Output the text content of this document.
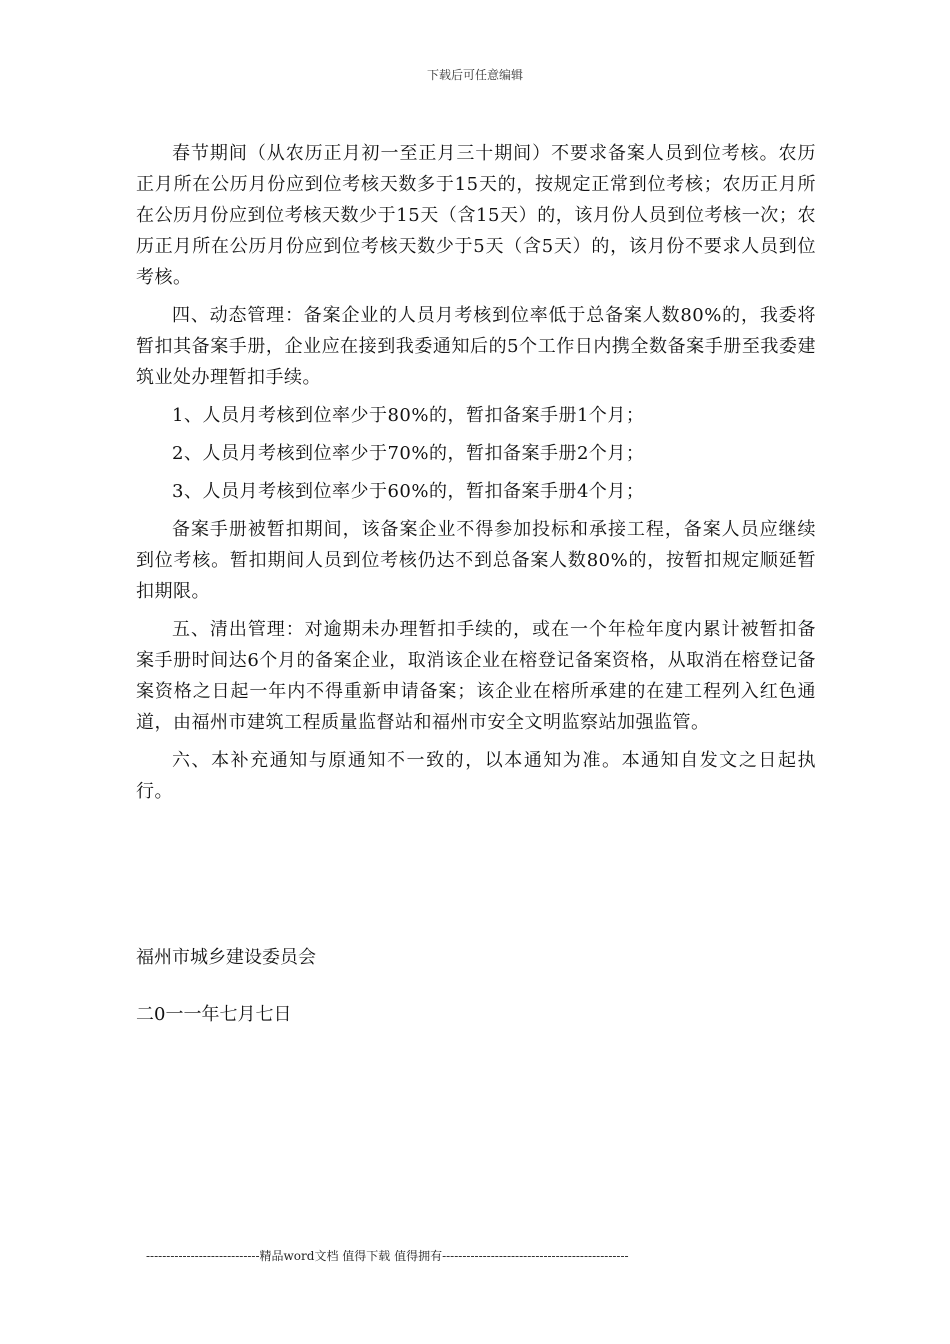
下载后可任意编辑

春节期间（从农历正月初一至正月三十期间）不要求备案人员到位考核。农历正月所在公历月份应到位考核天数多于15天的，按规定正常到位考核；农历正月所在公历月份应到位考核天数少于15天（含15天）的，该月份人员到位考核一次；农历正月所在公历月份应到位考核天数少于5天（含5天）的，该月份不要求人员到位考核。

四、动态管理：备案企业的人员月考核到位率低于总备案人数80%的，我委将暂扣其备案手册，企业应在接到我委通知后的5个工作日内携全数备案手册至我委建筑业处办理暂扣手续。

1、人员月考核到位率少于80%的，暂扣备案手册1个月；

2、人员月考核到位率少于70%的，暂扣备案手册2个月；

3、人员月考核到位率少于60%的，暂扣备案手册4个月；

备案手册被暂扣期间，该备案企业不得参加投标和承接工程，备案人员应继续到位考核。暂扣期间人员到位考核仍达不到总备案人数80%的，按暂扣规定顺延暂扣期限。

五、清出管理：对逾期未办理暂扣手续的，或在一个年检年度内累计被暂扣备案手册时间达6个月的备案企业，取消该企业在榕登记备案资格，从取消在榕登记备案资格之日起一年内不得重新申请备案；该企业在榕所承建的在建工程列入红色通道，由福州市建筑工程质量监督站和福州市安全文明监察站加强监管。

六、本补充通知与原通知不一致的，以本通知为准。本通知自发文之日起执行。

福州市城乡建设委员会
二0一一年七月七日
----------------------------精品word文档 值得下载 值得拥有----------------------------------------------
